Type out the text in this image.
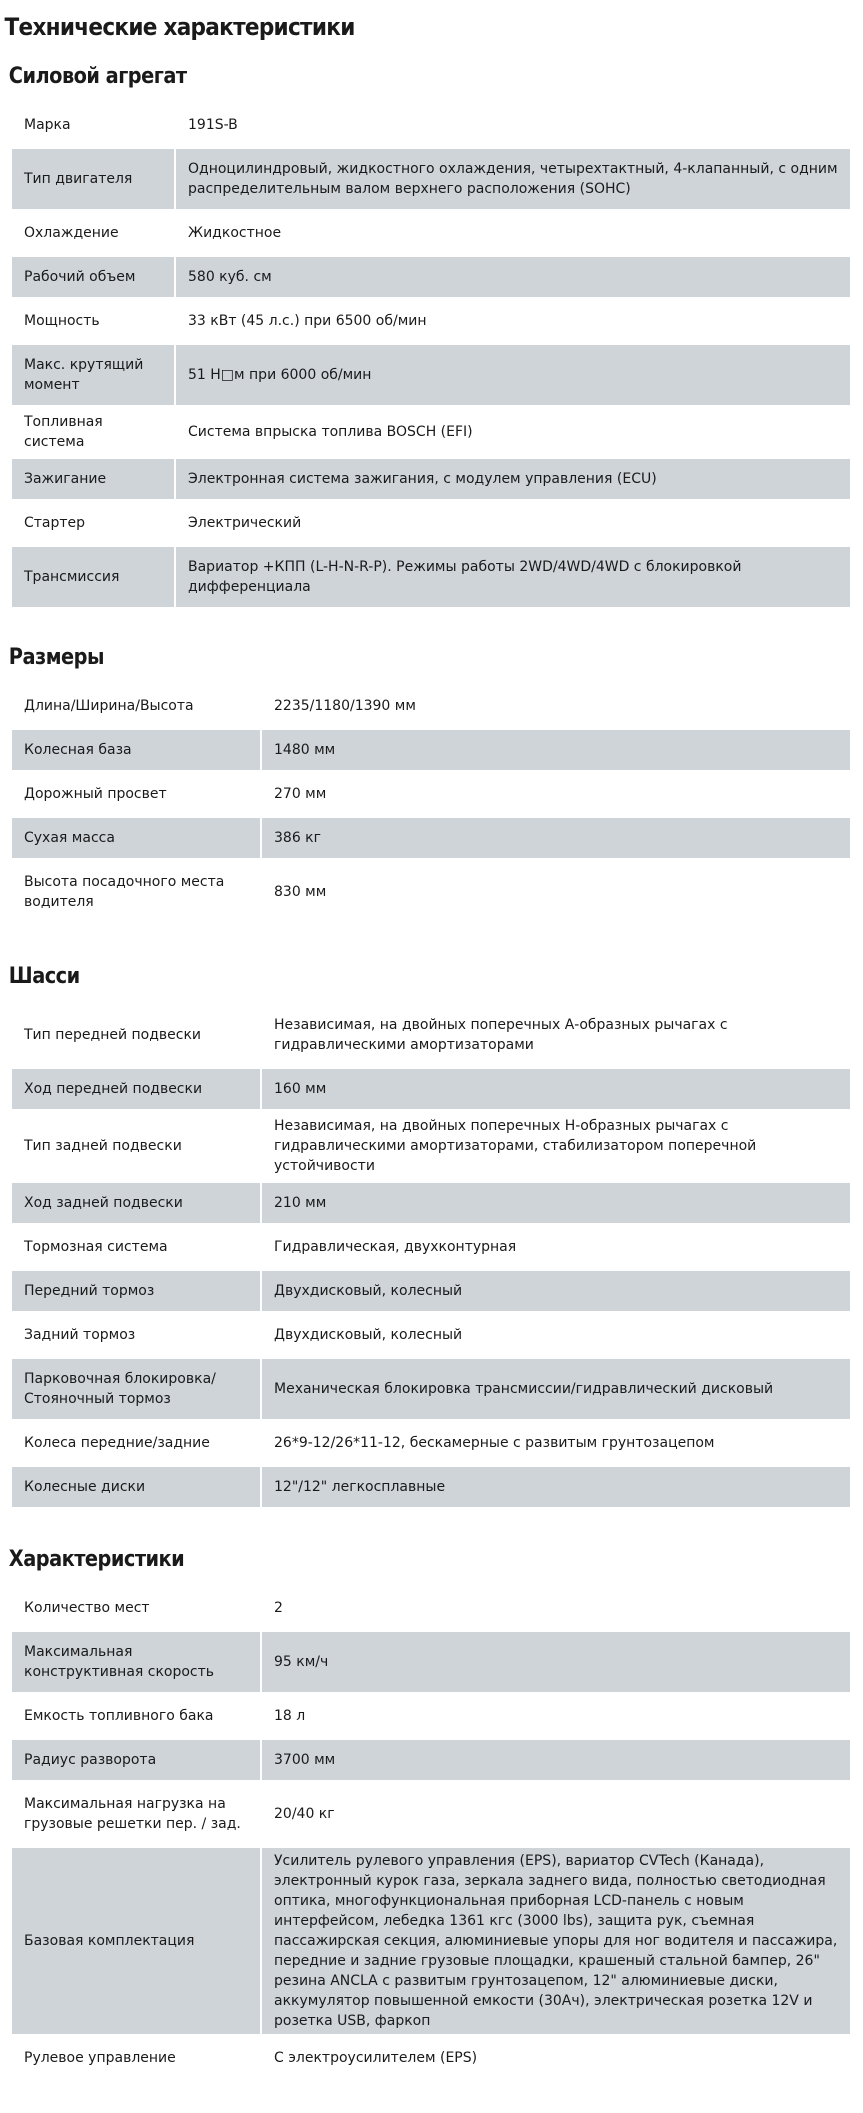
Технические характеристики
Силовой агрегат
Марка	191S-B
Тип двигателя	Одноцилиндровый, жидкостного охлаждения, четырехтактный, 4-клапанный, с одним распределительным валом верхнего расположения (SOHC)
Охлаждение	Жидкостное
Рабочий объем	580 куб. см
Мощность	33 кВт (45 л.с.) при 6500 об/мин
Макс. крутящий момент	51 Н□м при 6000 об/мин
Топливная система	Система впрыска топлива BOSCH (EFI)
Зажигание	Электронная система зажигания, с модулем управления (ECU)
Стартер	Электрический
Трансмиссия	Вариатор +КПП (L-H-N-R-P). Режимы работы 2WD/4WD/4WD с блокировкой дифференциала
Размеры
Длина/Ширина/Высота	2235/1180/1390 мм
Колесная база	1480 мм
Дорожный просвет	270 мм
Сухая масса	386 кг
Высота посадочного места водителя	830 мм
Шасси
Тип передней подвески	Независимая, на двойных поперечных А-образных рычагах с гидравлическими амортизаторами
Ход передней подвески	160 мм
Тип задней подвески	Независимая, на двойных поперечных Н-образных рычагах с гидравлическими амортизаторами, стабилизатором поперечной устойчивости
Ход задней подвески	210 мм
Тормозная система	Гидравлическая, двухконтурная
Передний тормоз	Двухдисковый, колесный
Задний тормоз	Двухдисковый, колесный
Парковочная блокировка/Стояночный тормоз	Механическая блокировка трансмиссии/гидравлический дисковый
Колеса передние/задние	26*9-12/26*11-12, бескамерные с развитым грунтозацепом
Колесные диски	12"/12" легкосплавные
Характеристики
Количество мест	2
Максимальная конструктивная скорость	95 км/ч
Емкость топливного бака	18 л
Радиус разворота	3700 мм
Максимальная нагрузка на грузовые решетки пер. / зад.	20/40 кг
Базовая комплектация	Усилитель рулевого управления (EPS), вариатор CVTech (Канада), электронный курок газа, зеркала заднего вида, полностью светодиодная оптика, многофункциональная приборная LCD-панель с новым интерфейсом, лебедка 1361 кгс (3000 lbs), защита рук, съемная пассажирская секция, алюминиевые упоры для ног водителя и пассажира, передние и задние грузовые площадки, крашеный стальной бампер, 26" резина ANCLA с развитым грунтозацепом, 12" алюминиевые диски, аккумулятор повышенной емкости (30Ач), электрическая розетка 12V и розетка USB, фаркоп
Рулевое управление	С электроусилителем (EPS)
